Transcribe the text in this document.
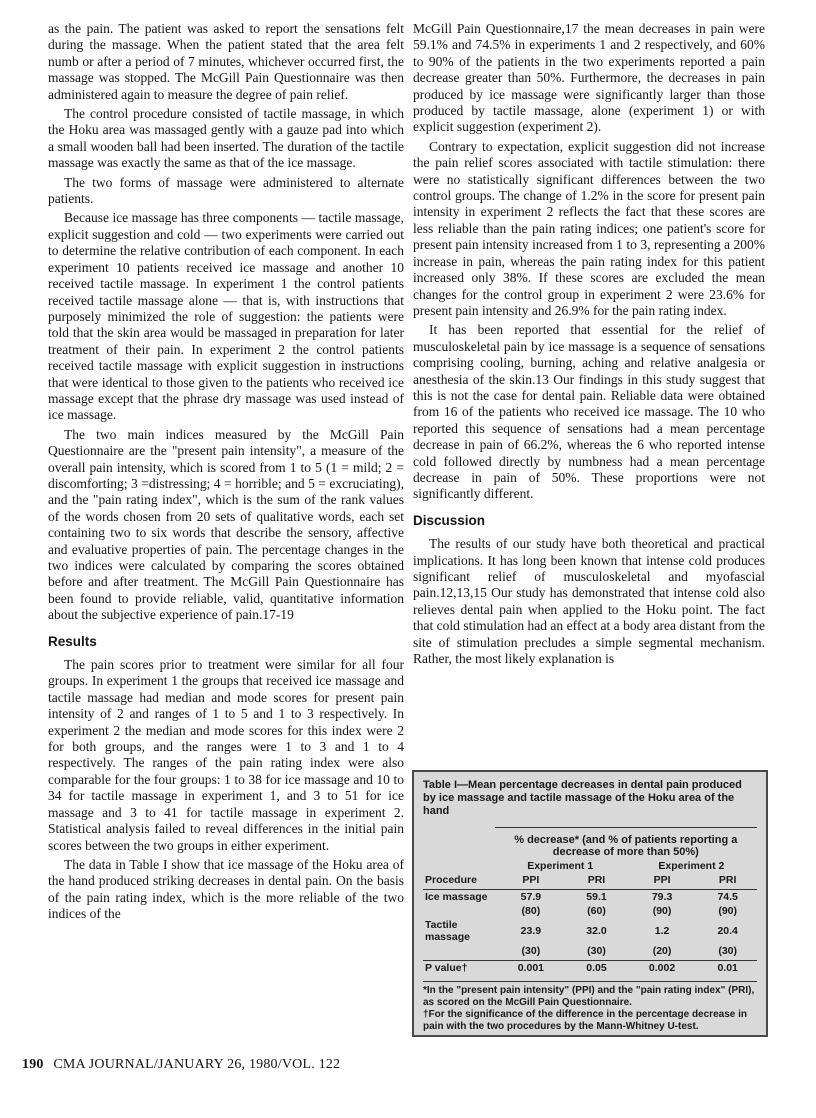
as the pain. The patient was asked to report the sensations felt during the massage. When the patient stated that the area felt numb or after a period of 7 minutes, whichever occurred first, the massage was stopped. The McGill Pain Questionnaire was then administered again to measure the degree of pain relief.

The control procedure consisted of tactile massage, in which the Hoku area was massaged gently with a gauze pad into which a small wooden ball had been inserted. The duration of the tactile massage was exactly the same as that of the ice massage.

The two forms of massage were administered to alternate patients.

Because ice massage has three components — tactile massage, explicit suggestion and cold — two experiments were carried out to determine the relative contribution of each component. In each experiment 10 patients received ice massage and another 10 received tactile massage. In experiment 1 the control patients received tactile massage alone — that is, with instructions that purposely minimized the role of suggestion: the patients were told that the skin area would be massaged in preparation for later treatment of their pain. In experiment 2 the control patients received tactile massage with explicit suggestion in instructions that were identical to those given to the patients who received ice massage except that the phrase dry massage was used instead of ice massage.

The two main indices measured by the McGill Pain Questionnaire are the "present pain intensity", a measure of the overall pain intensity, which is scored from 1 to 5 (1 = mild; 2 = discomforting; 3 =distressing; 4 = horrible; and 5 = excruciating), and the "pain rating index", which is the sum of the rank values of the words chosen from 20 sets of qualitative words, each set containing two to six words that describe the sensory, affective and evaluative properties of pain. The percentage changes in the two indices were calculated by comparing the scores obtained before and after treatment. The McGill Pain Questionnaire has been found to provide reliable, valid, quantitative information about the subjective experience of pain.17-19

Results

The pain scores prior to treatment were similar for all four groups. In experiment 1 the groups that received ice massage and tactile massage had median and mode scores for present pain intensity of 2 and ranges of 1 to 5 and 1 to 3 respectively. In experiment 2 the median and mode scores for this index were 2 for both groups, and the ranges were 1 to 3 and 1 to 4 respectively. The ranges of the pain rating index were also comparable for the four groups: 1 to 38 for ice massage and 10 to 34 for tactile massage in experiment 1, and 3 to 51 for ice massage and 3 to 41 for tactile massage in experiment 2. Statistical analysis failed to reveal differences in the initial pain scores between the two groups in either experiment.

The data in Table I show that ice massage of the Hoku area of the hand produced striking decreases in dental pain. On the basis of the pain rating index, which is the more reliable of the two indices of the

McGill Pain Questionnaire,17 the mean decreases in pain were 59.1% and 74.5% in experiments 1 and 2 respectively, and 60% to 90% of the patients in the two experiments reported a pain decrease greater than 50%. Furthermore, the decreases in pain produced by ice massage were significantly larger than those produced by tactile massage, alone (experiment 1) or with explicit suggestion (experiment 2).

Contrary to expectation, explicit suggestion did not increase the pain relief scores associated with tactile stimulation: there were no statistically significant differences between the two control groups. The change of 1.2% in the score for present pain intensity in experiment 2 reflects the fact that these scores are less reliable than the pain rating indices; one patient's score for present pain intensity increased from 1 to 3, representing a 200% increase in pain, whereas the pain rating index for this patient increased only 38%. If these scores are excluded the mean changes for the control group in experiment 2 were 23.6% for present pain intensity and 26.9% for the pain rating index.

It has been reported that essential for the relief of musculoskeletal pain by ice massage is a sequence of sensations comprising cooling, burning, aching and relative analgesia or anesthesia of the skin.13 Our findings in this study suggest that this is not the case for dental pain. Reliable data were obtained from 16 of the patients who received ice massage. The 10 who reported this sequence of sensations had a mean percentage decrease in pain of 66.2%, whereas the 6 who reported intense cold followed directly by numbness had a mean percentage decrease in pain of 50%. These proportions were not significantly different.

Discussion

The results of our study have both theoretical and practical implications. It has long been known that intense cold produces significant relief of musculoskeletal and myofascial pain.12,13,15 Our study has demonstrated that intense cold also relieves dental pain when applied to the Hoku point. The fact that cold stimulation had an effect at a body area distant from the site of stimulation precludes a simple segmental mechanism. Rather, the most likely explanation is

Table I—Mean percentage decreases in dental pain produced by ice massage and tactile massage of the Hoku area of the hand
	% decrease* (and % of patients reporting a decrease of more than 50%)			
	Experiment 1		Experiment 2	
Procedure	PPI	PRI	PPI	PRI

Ice massage	57.9	59.1	79.3	74.5
	(80)	(60)	(90)	(90)
Tactile massage	23.9	32.0	1.2	20.4
	(30)	(30)	(20)	(30)

P value†	0.001	0.05	0.002	0.01
*In the "present pain intensity" (PPI) and the "pain rating index" (PRI), as scored on the McGill Pain Questionnaire.
†For the significance of the difference in the percentage decrease in pain with the two procedures by the Mann-Whitney U-test.
190 CMA JOURNAL/JANUARY 26, 1980/VOL. 122
